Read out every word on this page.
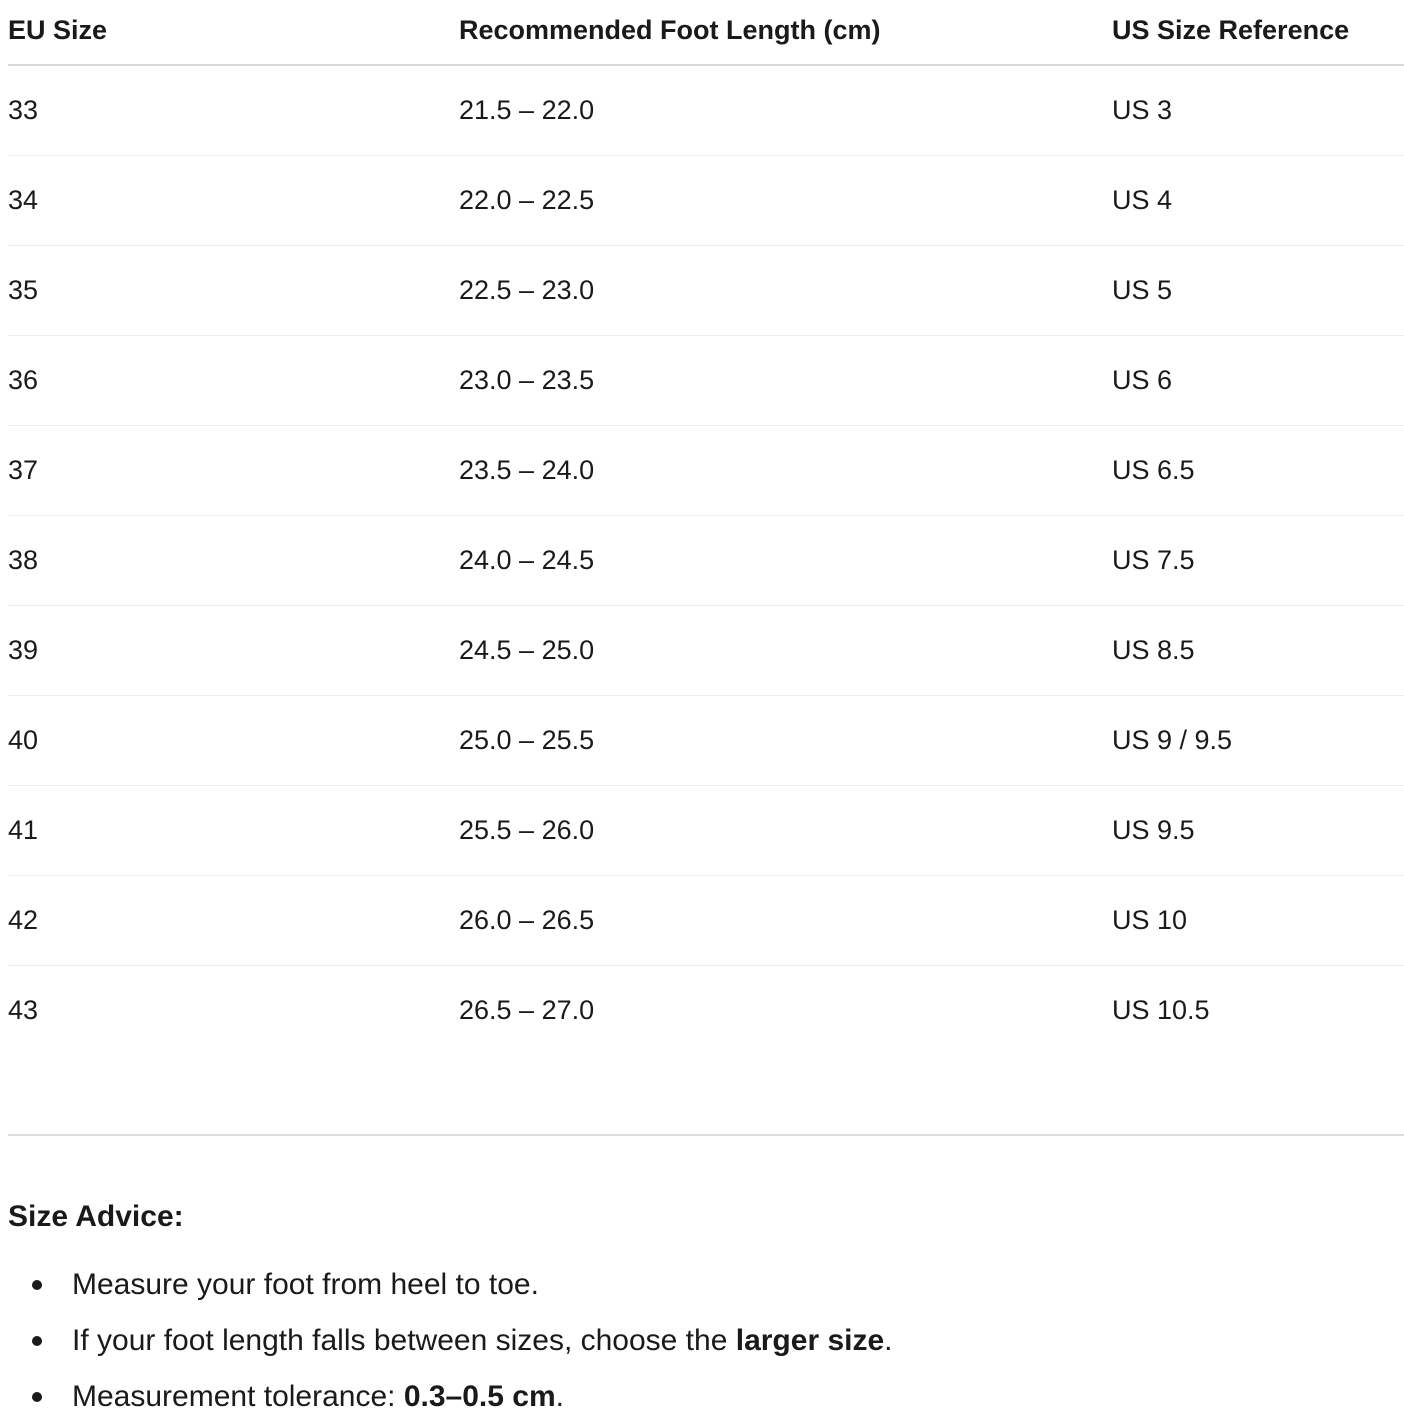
EU Size	Recommended Foot Length (cm)	US Size Reference
33	21.5 – 22.0	US 3
34	22.0 – 22.5	US 4
35	22.5 – 23.0	US 5
36	23.0 – 23.5	US 6
37	23.5 – 24.0	US 6.5
38	24.0 – 24.5	US 7.5
39	24.5 – 25.0	US 8.5
40	25.0 – 25.5	US 9 / 9.5
41	25.5 – 26.0	US 9.5
42	26.0 – 26.5	US 10
43	26.5 – 27.0	US 10.5
Size Advice:
Measure your foot from heel to toe.
If your foot length falls between sizes, choose the larger size.
Measurement tolerance: 0.3–0.5 cm.
